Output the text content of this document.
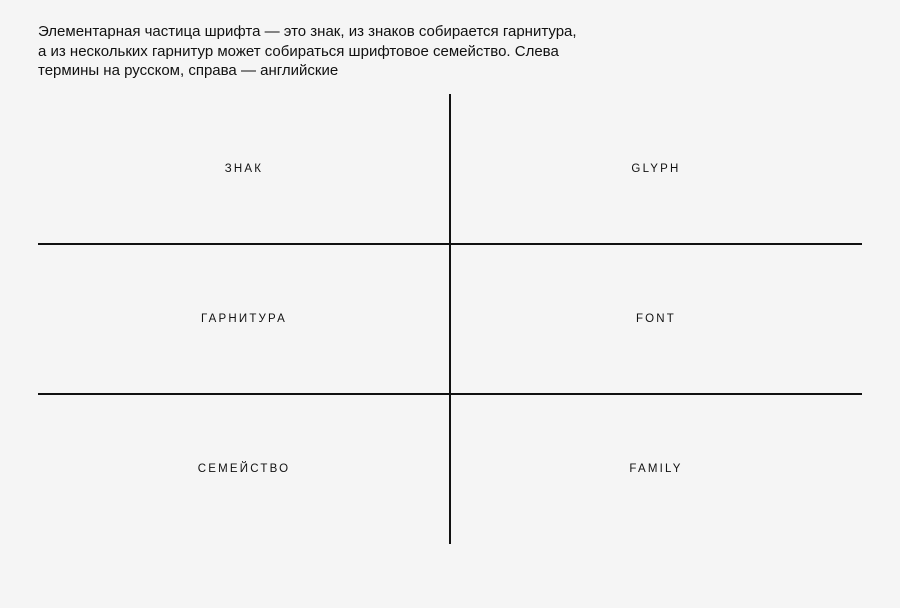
Элементарная частица шрифта — это знак, из знаков собирается гарнитура,
а из нескольких гарнитур может собираться шрифтовое семейство. Слева
термины на русском, справа — английские

ЗНАК	GLYPH
ГАРНИТУРА	FONT
СЕМЕЙСТВО	FAMILY
